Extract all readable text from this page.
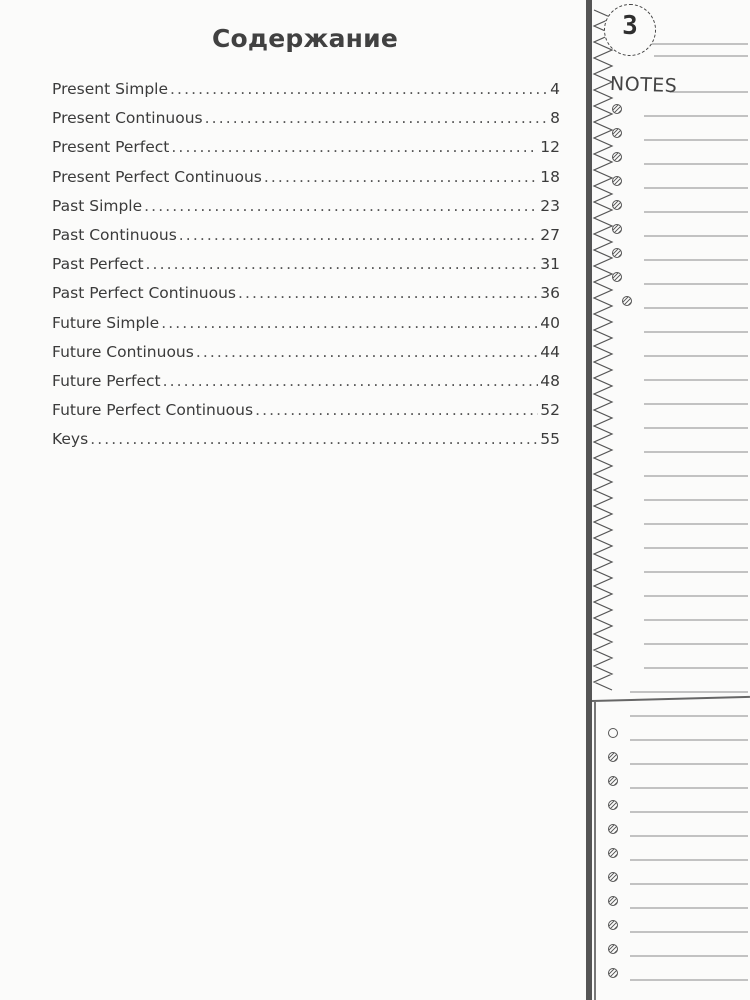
Содержание
Present Simple .....	4
Present Continuous .....	8
Present Perfect .....	12
Present Perfect Continuous .....	18
Past Simple .....	23
Past Continuous .....	27
Past Perfect .....	31
Past Perfect Continuous .....	36
Future Simple .....	40
Future Continuous .....	44
Future Perfect .....	48
Future Perfect Continuous .....	52
Keys .....	55
3
NOTES
